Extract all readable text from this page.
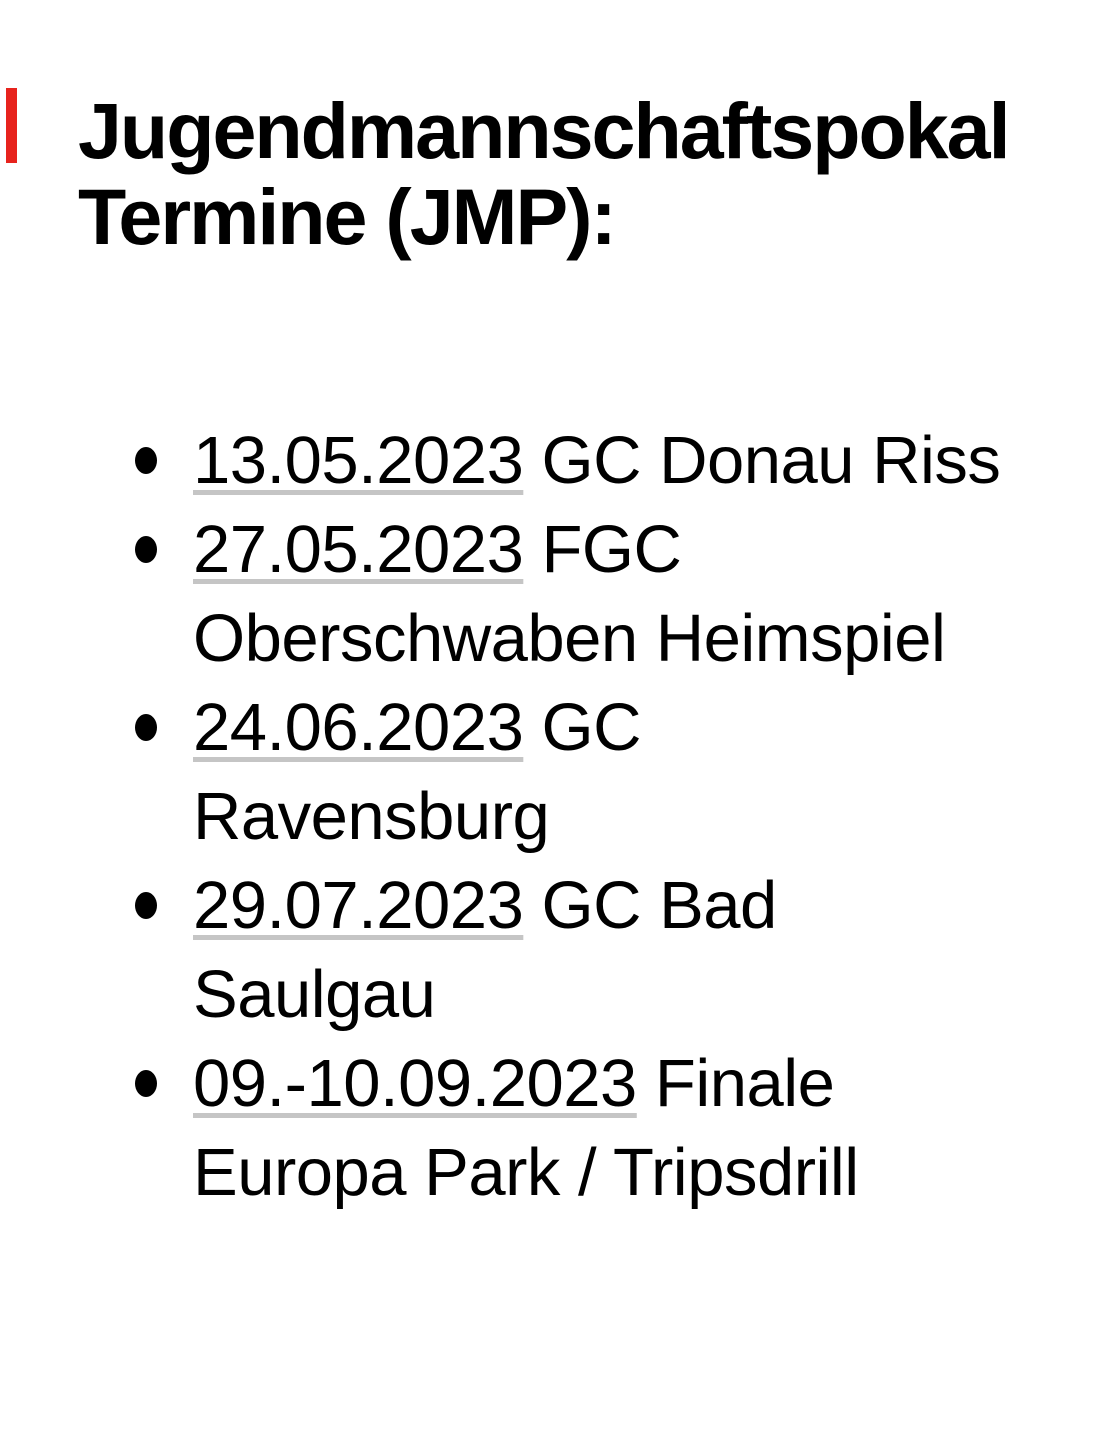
Jugendmannschaftspokal Termine (JMP):
13.05.2023 GC Donau Riss
27.05.2023 FGC
Oberschwaben Heimspiel
24.06.2023 GC
Ravensburg
29.07.2023 GC Bad
Saulgau
09.-10.09.2023 Finale
Europa Park / Tripsdrill
